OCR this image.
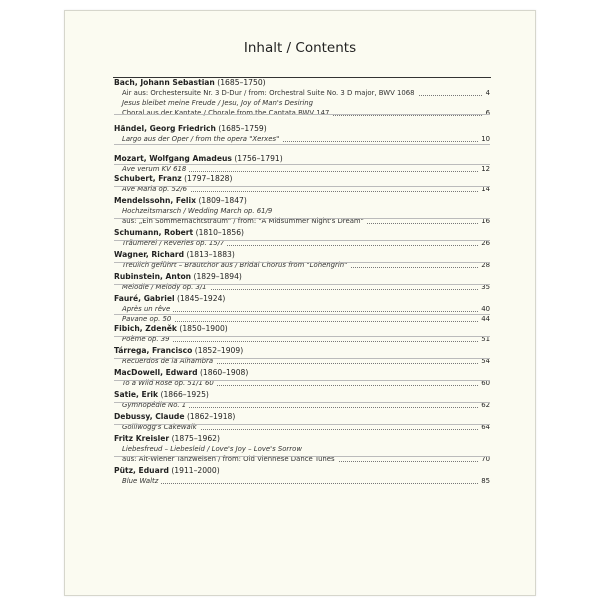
Inhalt / Contents
Bach, Johann Sebastian (1685–1750)
Air aus: Orchestersuite Nr. 3 D-Dur / from: Orchestral Suite No. 3 D major, BWV 1068	4
Jesus bleibet meine Freude / Jesu, Joy of Man's Desiring
Choral aus der Kantate / Chorale from the Cantata BWV 147	6
Händel, Georg Friedrich (1685–1759)
Largo aus der Oper / from the opera "Xerxes"	10
Mozart, Wolfgang Amadeus (1756–1791)
Ave verum KV 618	12
Schubert, Franz (1797–1828)
Ave Maria op. 52/6	14
Mendelssohn, Felix (1809–1847)
Hochzeitsmarsch / Wedding March op. 61/9
aus: „Ein Sommernachtstraum" / from: "A Midsummer Night's Dream"	16
Schumann, Robert (1810–1856)
Träumerei / Reveries op. 15/7	26
Wagner, Richard (1813–1883)
Treulich geführt – Brautchor aus / Bridal Chorus from "Lohengrin"	28
Rubinstein, Anton (1829–1894)
Melodie / Melody op. 3/1	35
Fauré, Gabriel (1845–1924)
Après un rêve	40
Pavane op. 50	44
Fibich, Zdeněk (1850–1900)
Poème op. 39	51
Tárrega, Francisco (1852–1909)
Recuerdos de la Alhambra	54
MacDowell, Edward (1860–1908)
To a Wild Rose op. 51/1 60	60
Satie, Erik (1866–1925)
Gymnopédie No. 1	62
Debussy, Claude (1862–1918)
Golliwogg's Cakewalk	64
Fritz Kreisler (1875–1962)
Liebesfreud – Liebesleid / Love's Joy – Love's Sorrow
aus: Alt-Wiener Tanzweisen / from: Old Viennese Dance Tunes	70
Pütz, Eduard (1911–2000)
Blue Waltz	85
